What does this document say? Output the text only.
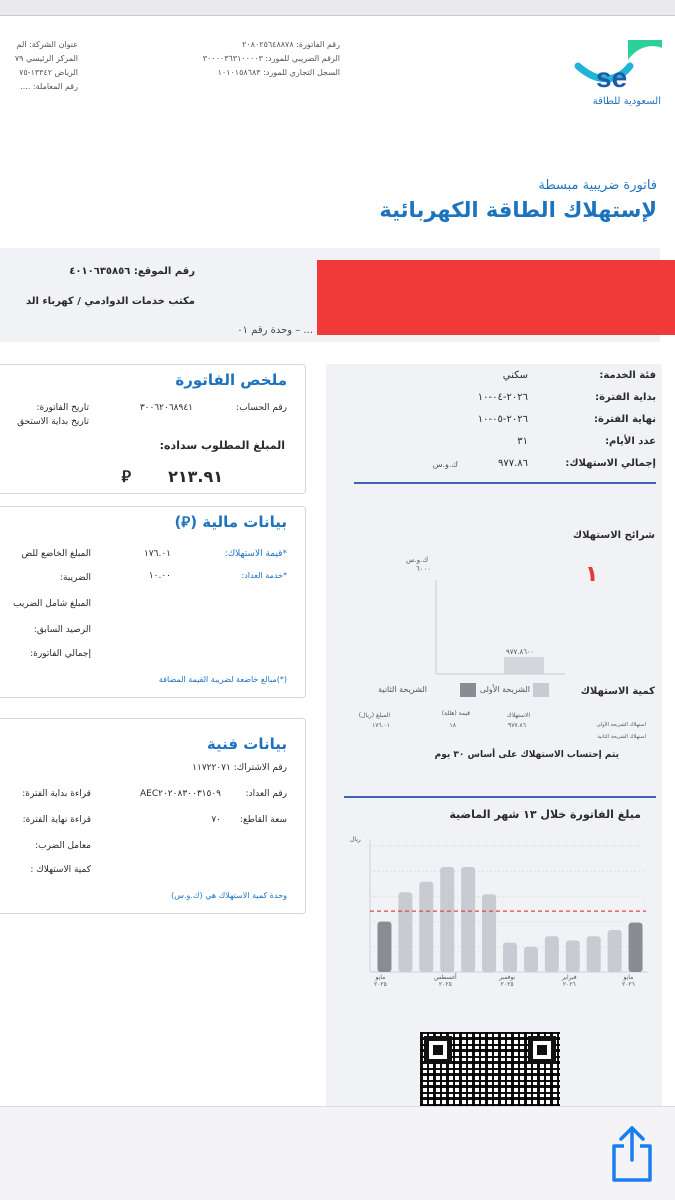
se
السعودية للطاقة
رقم الفاتورة: ٢٠٨٠٢٥٦٤٨٨٧٨
الرقم الضريبي للمورد: ٣٠٠٠٠٣٦٣١٠٠٠٠٣
السجل التجاري للمورد: ١٠١٠١٥٨٦٨٣
عنوان الشركة: الم
المركز الرئيسي ٧٩
الرياض ١٣٣٤٢-٧٥
رقم المعاملة: ....
فاتورة ضريبية مبسطة
لإستهلاك الطاقة الكهربائية
رقم الموقع: ٤٠١٠٦٣٥٨٥٦
مكتب خدمات الدوادمي / كهرباء الد
... – وحدة رقم ٠١
فئة الخدمة:
سكني
بداية الفترة:
٢٠٢٦-٠٤-١٠
نهاية الفترة:
٢٠٢٦-٠٥-١٠
عدد الأيام:
٣١
إجمالي الاستهلاك:
٩٧٧.٨٦
ك.و.س
شرائح الاستهلاك
١
ك.و.س
٦٠٠٠
٩٧٧.٨٦٠٠
كمية الاستهلاك
الشريحة الأولى
الشريحة الثانية
الاستهلاك
قيمة (هللة)
المبلغ (ريال)
٩٧٧.٨٦
١٨
١٧٦.٠١	استهلاك الشريحة الأولى
استهلاك الشريحة الثانية
يتم إحتساب الاستهلاك على أساس ٣٠ يوم
مبلغ الفاتورة خلال ١٣ شهر الماضية
ريال
مايو
٢٠٢٥
أغسطس
٢٠٢٥
نوفمبر
٢٠٢٥
فبراير
٢٠٢٦
مايو
٢٠٢٦
ملخص الفاتورة
رقم الحساب:
٣٠٠٦٢٠٦٨٩٤١
تاريخ الفاتورة:
تاريخ بداية الاستحق
المبلغ المطلوب سداده:
٢١٣.٩١
⃁
بيانات مالية (⃁)
*قيمة الاستهلاك:
١٧٦.٠١
*خدمة العداد:
١٠.٠٠
المبلغ الخاضع للض
الضريبة:
المبلغ شامل الضريب
الرصيد السابق:
إجمالي الفاتورة:
(*)مبالغ خاضعة لضريبة القيمة المضافة
بيانات فنية
رقم الاشتراك: ١١٧٢٢٠٧١
رقم العداد:
AEC٢٠٢٠٨٣٠٠٣١٥٠٩
سعة القاطع:
٧٠
قراءة بداية الفترة:
قراءة نهاية الفترة:
معامل الضرب:
كمية الاستهلاك :
وحدة كمية الاستهلاك هي (ك.و.س)
